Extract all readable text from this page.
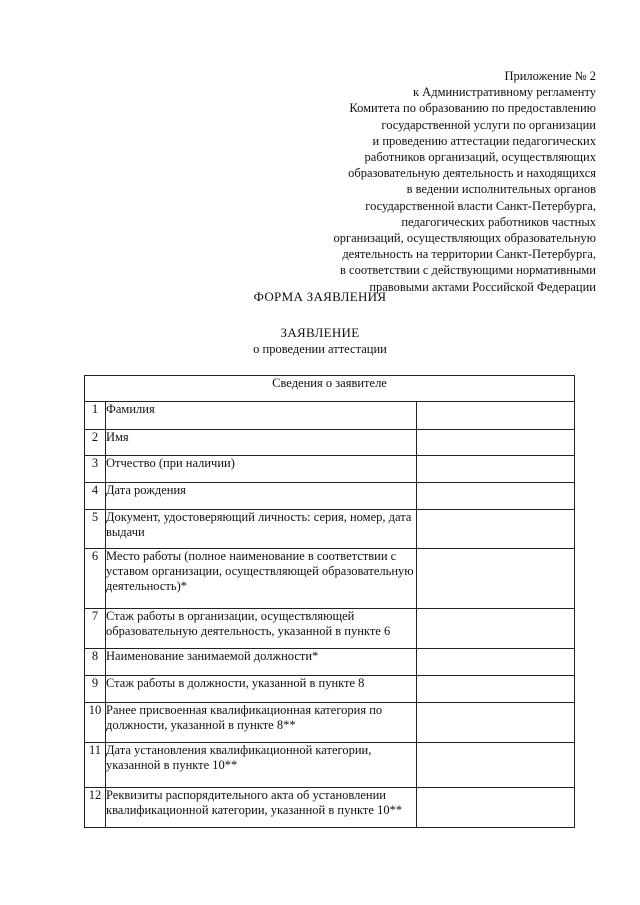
Приложение № 2
к Административному регламенту
Комитета по образованию по предоставлению
государственной услуги по организации
и проведению аттестации педагогических
работников организаций, осуществляющих
образовательную деятельность и находящихся
в ведении исполнительных органов
государственной власти Санкт-Петербурга,
педагогических работников частных
организаций, осуществляющих образовательную
деятельность на территории Санкт-Петербурга,
в соответствии с действующими нормативными
правовыми актами Российской Федерации
ФОРМА ЗАЯВЛЕНИЯ
ЗАЯВЛЕНИЕ
о проведении аттестации
Сведения о заявителе		
1	Фамилия	
2	Имя	
3	Отчество (при наличии)	
4	Дата рождения	
5	Документ, удостоверяющий личность: серия, номер, дата выдачи	
6	Место работы (полное наименование в соответствии с уставом организации, осуществляющей образовательную деятельность)*	
7	Стаж работы в организации, осуществляющей образовательную деятельность, указанной в пункте 6	
8	Наименование занимаемой должности*	
9	Стаж работы в должности, указанной в пункте 8	
10	Ранее присвоенная квалификационная категория по должности, указанной в пункте 8**	
11	Дата установления квалификационной категории, указанной в пункте 10**	
12	Реквизиты распорядительного акта об установлении квалификационной категории, указанной в пункте 10**	
